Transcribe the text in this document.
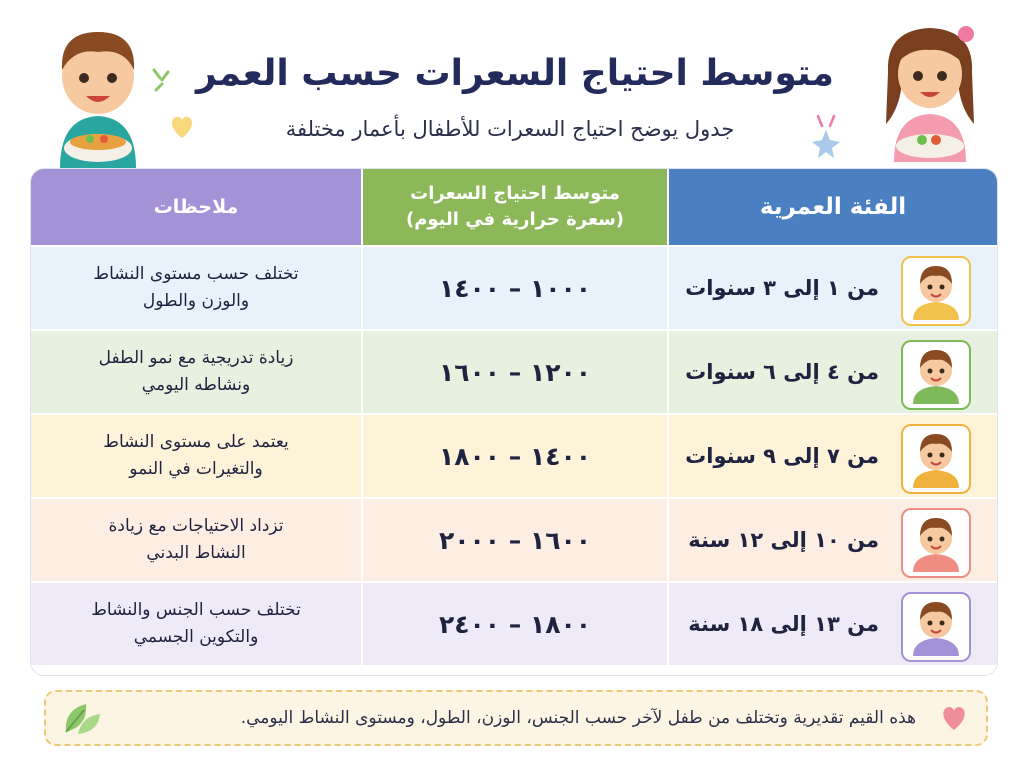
متوسط احتياج السعرات حسب العمر
جدول يوضح احتياج السعرات للأطفال بأعمار مختلفة
الفئة العمرية
متوسط احتياج السعرات
(سعرة حرارية في اليوم)
ملاحظات
من ١ إلى ٣ سنوات
١٠٠٠ – ١٤٠٠
تختلف حسب مستوى النشاط
والوزن والطول
من ٤ إلى ٦ سنوات
١٢٠٠ – ١٦٠٠
زيادة تدريجية مع نمو الطفل
ونشاطه اليومي
من ٧ إلى ٩ سنوات
١٤٠٠ – ١٨٠٠
يعتمد على مستوى النشاط
والتغيرات في النمو
من ١٠ إلى ١٢ سنة
١٦٠٠ – ٢٠٠٠
تزداد الاحتياجات مع زيادة
النشاط البدني
من ١٣ إلى ١٨ سنة
١٨٠٠ – ٢٤٠٠
تختلف حسب الجنس والنشاط
والتكوين الجسمي
هذه القيم تقديرية وتختلف من طفل لآخر حسب الجنس، الوزن، الطول، ومستوى النشاط اليومي.
